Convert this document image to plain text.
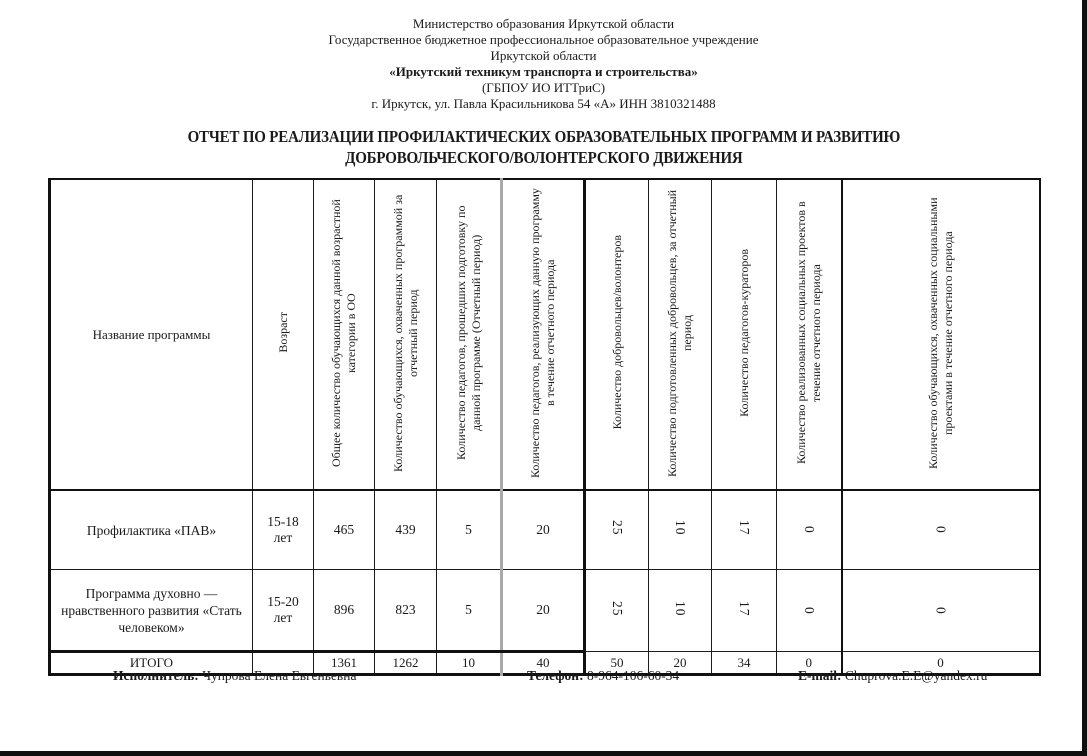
Министерство образования Иркутской области
Государственное бюджетное профессиональное образовательное учреждение
Иркутской области
«Иркутский техникум транспорта и строительства»
(ГБПОУ ИО ИТТриС)
г. Иркутск, ул. Павла Красильникова 54 «А» ИНН 3810321488
ОТЧЕТ ПО РЕАЛИЗАЦИИ ПРОФИЛАКТИЧЕСКИХ ОБРАЗОВАТЕЛЬНЫХ ПРОГРАММ И РАЗВИТИЮ
ДОБРОВОЛЬЧЕСКОГО/ВОЛОНТЕРСКОГО ДВИЖЕНИЯ
Название программы	Возраст	Общее количество обучающихся данной возрастной категории в ОО	Количество обучающихся, охваченных программой за отчетный период	Количество педагогов, прошедших подготовку по данной программе (Отчетный период)	Количество педагогов, реализующих данную программу в течение отчетного периода	Количество добровольцев/волонтеров	Количество подготовленных добровольцев, за отчетный период	Количество педагогов-кураторов	Количество реализованных социальных проектов в течение отчетного периода	Количество обучающихся, охваченных социальными проектами в течение отчетного периода
Профилактика «ПАВ»	15-18 лет	465	439	5	20	25	10	17	0	0
Программа духовно — нравственного развития «Стать человеком»	15-20 лет	896	823	5	20	25	10	17	0	0
ИТОГО		1361	1262	10	40	50	20	34	0	0
Исполнитель: Чупрова Елена Евгеньевна	Телефон: 8-964-106-60-34	E-mail: Chuprova.E.E@yandex.ru
